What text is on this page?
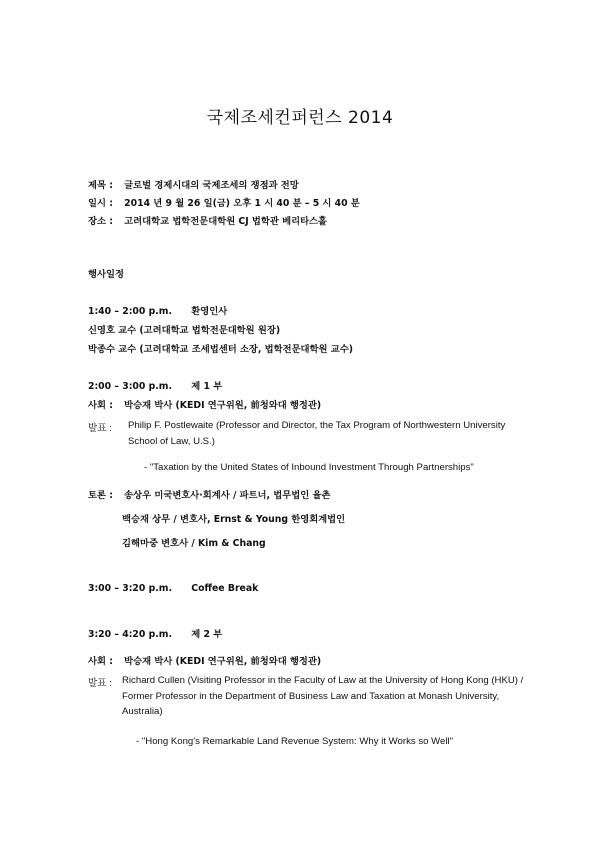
국제조세컨퍼런스 2014
제목 : 글로벌 경제시대의 국제조세의 쟁점과 전망
일시 : 2014 년 9 월 26 일(금) 오후 1 시 40 분 – 5 시 40 분
장소 : 고려대학교 법학전문대학원 CJ 법학관 베리타스홀
행사일정
1:40 – 2:00 p.m. 환영인사
신영호 교수 (고려대학교 법학전문대학원 원장)
박종수 교수 (고려대학교 조세법센터 소장, 법학전문대학원 교수)
2:00 – 3:00 p.m. 제 1 부
사회 : 박승재 박사 (KEDI 연구위원, 前청와대 행정관)
발표 : Philip F. Postlewaite (Professor and Director, the Tax Program of Northwestern University School of Law, U.S.)
- "Taxation by the United States of Inbound Investment Through Partnerships"
토론 : 송상우 미국변호사·회계사 / 파트너, 법무법인 율촌
백승재 상무 / 변호사, Ernst & Young 한영회계법인
김해마중 변호사 / Kim & Chang
3:00 – 3:20 p.m. Coffee Break
3:20 – 4:20 p.m. 제 2 부
사회 : 박승재 박사 (KEDI 연구위원, 前청와대 행정관)
발표 : Richard Cullen (Visiting Professor in the Faculty of Law at the University of Hong Kong (HKU) / Former Professor in the Department of Business Law and Taxation at Monash University, Australia)
- "Hong Kong's Remarkable Land Revenue System: Why it Works so Well"
